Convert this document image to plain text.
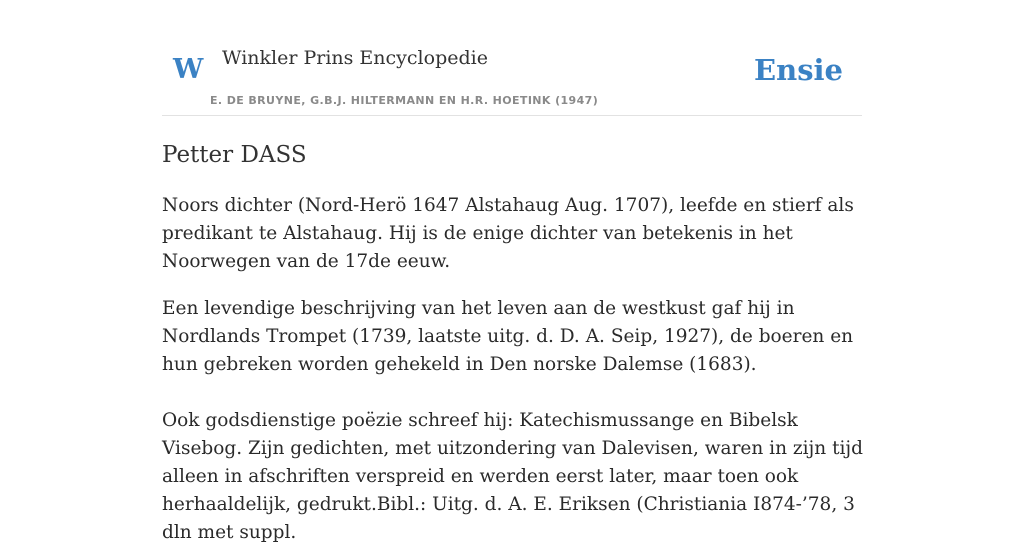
W Winkler Prins Encyclopedie
E. DE BRUYNE, G.B.J. HILTERMANN EN H.R. HOETINK (1947)
Ensie
Petter DASS

Noors dichter (Nord-Herö 1647 Alstahaug Aug. 1707), leefde en stierf als predikant te Alstahaug. Hij is de enige dichter van betekenis in het Noorwegen van de 17de eeuw.

Een levendige beschrijving van het leven aan de westkust gaf hij in Nordlands Trompet (1739, laatste uitg. d. D. A. Seip, 1927), de boeren en hun gebreken worden gehekeld in Den norske Dalemse (1683).

Ook godsdienstige poëzie schreef hij: Katechismussange en Bibelsk Visebog. Zijn gedichten, met uitzondering van Dalevisen, waren in zijn tijd alleen in afschriften verspreid en werden eerst later, maar toen ook herhaaldelijk, gedrukt.Bibl.: Uitg. d. A. E. Eriksen (Christiania I874-’78, 3 dln met suppl.
